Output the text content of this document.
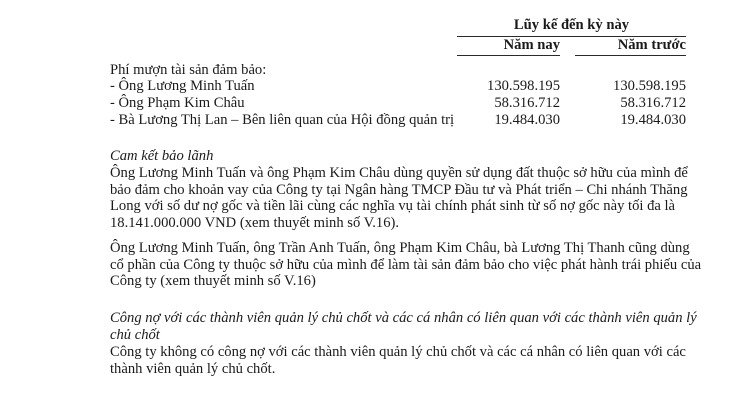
Lũy kế đến kỳ này
Năm nay	Năm trước
Phí mượn tài sản đảm bảo:
- Ông Lương Minh Tuấn	130.598.195	130.598.195
- Ông Phạm Kim Châu	58.316.712	58.316.712
- Bà Lương Thị Lan – Bên liên quan của Hội đồng quản trị	19.484.030	19.484.030
Cam kết bảo lãnh
Ông Lương Minh Tuấn và ông Phạm Kim Châu dùng quyền sử dụng đất thuộc sở hữu của mình để
bảo đảm cho khoản vay của Công ty tại Ngân hàng TMCP Đầu tư và Phát triển – Chi nhánh Thăng
Long với số dư nợ gốc và tiền lãi cùng các nghĩa vụ tài chính phát sinh từ số nợ gốc này tối đa là
18.141.000.000 VND (xem thuyết minh số V.16).
Ông Lương Minh Tuấn, ông Trần Anh Tuấn, ông Phạm Kim Châu, bà Lương Thị Thanh cũng dùng
cổ phần của Công ty thuộc sở hữu của mình để làm tài sản đảm bảo cho việc phát hành trái phiếu của
Công ty (xem thuyết minh số V.16)
Công nợ với các thành viên quản lý chủ chốt và các cá nhân có liên quan với các thành viên quản lý
chủ chốt
Công ty không có công nợ với các thành viên quản lý chủ chốt và các cá nhân có liên quan với các
thành viên quản lý chủ chốt.
